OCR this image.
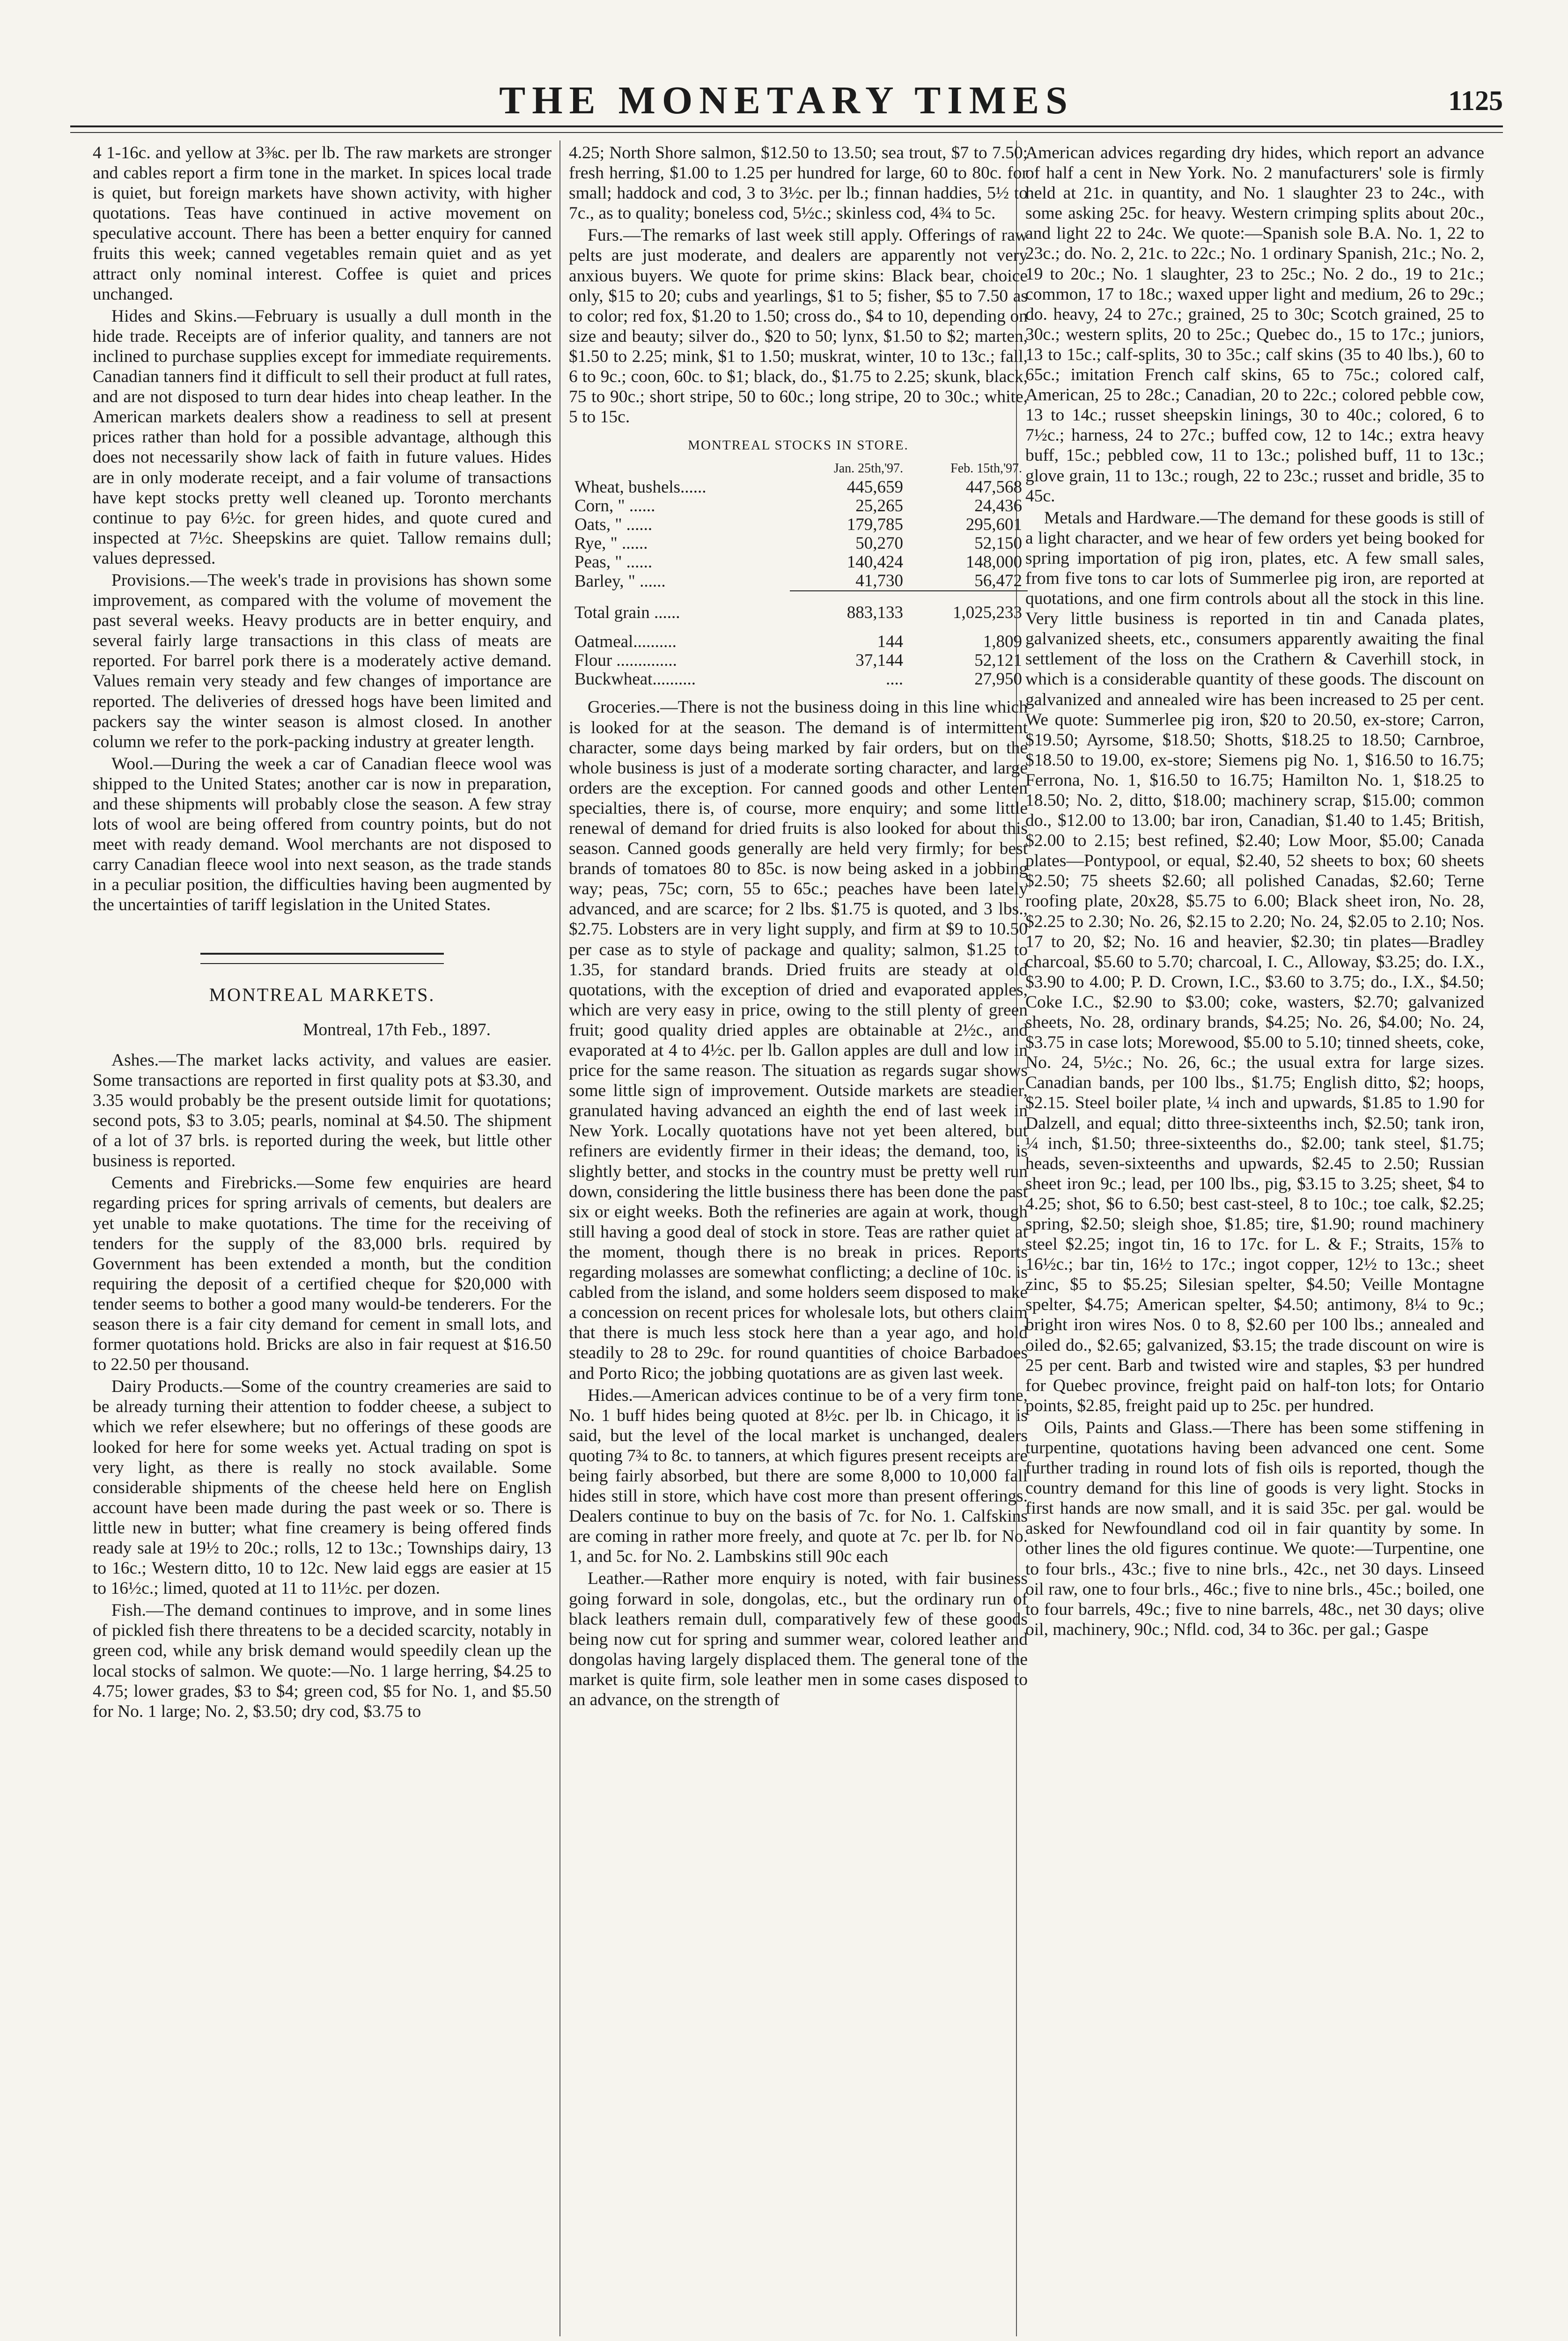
THE MONETARY TIMES	1125

4 1-16c. and yellow at 3⅜c. per lb. The raw markets are stronger and cables report a firm tone in the market. In spices local trade is quiet, but foreign markets have shown activity, with higher quotations. Teas have continued in active movement on speculative account. There has been a better enquiry for canned fruits this week; canned vegetables remain quiet and as yet attract only nominal interest. Coffee is quiet and prices unchanged.

Hides and Skins.—February is usually a dull month in the hide trade. Receipts are of inferior quality, and tanners are not inclined to purchase supplies except for immediate requirements. Canadian tanners find it difficult to sell their product at full rates, and are not disposed to turn dear hides into cheap leather. In the American markets dealers show a readiness to sell at present prices rather than hold for a possible advantage, although this does not necessarily show lack of faith in future values. Hides are in only moderate receipt, and a fair volume of transactions have kept stocks pretty well cleaned up. Toronto merchants continue to pay 6½c. for green hides, and quote cured and inspected at 7½c. Sheepskins are quiet. Tallow remains dull; values depressed.

Provisions.—The week's trade in provisions has shown some improvement, as compared with the volume of movement the past several weeks. Heavy products are in better enquiry, and several fairly large transactions in this class of meats are reported. For barrel pork there is a moderately active demand. Values remain very steady and few changes of importance are reported. The deliveries of dressed hogs have been limited and packers say the winter season is almost closed. In another column we refer to the pork-packing industry at greater length.

Wool.—During the week a car of Canadian fleece wool was shipped to the United States; another car is now in preparation, and these shipments will probably close the season. A few stray lots of wool are being offered from country points, but do not meet with ready demand. Wool merchants are not disposed to carry Canadian fleece wool into next season, as the trade stands in a peculiar position, the difficulties having been augmented by the uncertainties of tariff legislation in the United States.

MONTREAL MARKETS.
Montreal, 17th Feb., 1897.

Ashes.—The market lacks activity, and values are easier. Some transactions are reported in first quality pots at $3.30, and 3.35 would probably be the present outside limit for quotations; second pots, $3 to 3.05; pearls, nominal at $4.50. The shipment of a lot of 37 brls. is reported during the week, but little other business is reported.

Cements and Firebricks.—Some few enquiries are heard regarding prices for spring arrivals of cements, but dealers are yet unable to make quotations. The time for the receiving of tenders for the supply of the 83,000 brls. required by Government has been extended a month, but the condition requiring the deposit of a certified cheque for $20,000 with tender seems to bother a good many would-be tenderers. For the season there is a fair city demand for cement in small lots, and former quotations hold. Bricks are also in fair request at $16.50 to 22.50 per thousand.

Dairy Products.—Some of the country creameries are said to be already turning their attention to fodder cheese, a subject to which we refer elsewhere; but no offerings of these goods are looked for here for some weeks yet. Actual trading on spot is very light, as there is really no stock available. Some considerable shipments of the cheese held here on English account have been made during the past week or so. There is little new in butter; what fine creamery is being offered finds ready sale at 19½ to 20c.; rolls, 12 to 13c.; Townships dairy, 13 to 16c.; Western ditto, 10 to 12c. New laid eggs are easier at 15 to 16½c.; limed, quoted at 11 to 11½c. per dozen.

Fish.—The demand continues to improve, and in some lines of pickled fish there threatens to be a decided scarcity, notably in green cod, while any brisk demand would speedily clean up the local stocks of salmon. We quote:—No. 1 large herring, $4.25 to 4.75; lower grades, $3 to $4; green cod, $5 for No. 1, and $5.50 for No. 1 large; No. 2, $3.50; dry cod, $3.75 to

4.25; North Shore salmon, $12.50 to 13.50; sea trout, $7 to 7.50; fresh herring, $1.00 to 1.25 per hundred for large, 60 to 80c. for small; haddock and cod, 3 to 3½c. per lb.; finnan haddies, 5½ to 7c., as to quality; boneless cod, 5½c.; skinless cod, 4¾ to 5c.

Furs.—The remarks of last week still apply. Offerings of raw pelts are just moderate, and dealers are apparently not very anxious buyers. We quote for prime skins: Black bear, choice only, $15 to 20; cubs and yearlings, $1 to 5; fisher, $5 to 7.50 as to color; red fox, $1.20 to 1.50; cross do., $4 to 10, depending on size and beauty; silver do., $20 to 50; lynx, $1.50 to $2; marten, $1.50 to 2.25; mink, $1 to 1.50; muskrat, winter, 10 to 13c.; fall, 6 to 9c.; coon, 60c. to $1; black, do., $1.75 to 2.25; skunk, black, 75 to 90c.; short stripe, 50 to 60c.; long stripe, 20 to 30c.; white, 5 to 15c.

MONTREAL STOCKS IN STORE.
	Jan. 25th,'97.	Feb. 15th,'97.
Wheat, bushels......	445,659	447,568
Corn, " ......	25,265	24,436
Oats, " ......	179,785	295,601
Rye, " ......	50,270	52,150
Peas, " ......	140,424	148,000
Barley, " ......	41,730	56,472
Total grain ......	883,133	1,025,233
Oatmeal..........	144	1,809
Flour ..............	37,144	52,121
Buckwheat..........	....	27,950

Groceries.—There is not the business doing in this line which is looked for at the season. The demand is of intermittent character, some days being marked by fair orders, but on the whole business is just of a moderate sorting character, and large orders are the exception. For canned goods and other Lenten specialties, there is, of course, more enquiry; and some little renewal of demand for dried fruits is also looked for about this season. Canned goods generally are held very firmly; for best brands of tomatoes 80 to 85c. is now being asked in a jobbing way; peas, 75c; corn, 55 to 65c.; peaches have been lately advanced, and are scarce; for 2 lbs. $1.75 is quoted, and 3 lbs., $2.75. Lobsters are in very light supply, and firm at $9 to 10.50 per case as to style of package and quality; salmon, $1.25 to 1.35, for standard brands. Dried fruits are steady at old quotations, with the exception of dried and evaporated apples, which are very easy in price, owing to the still plenty of green fruit; good quality dried apples are obtainable at 2½c., and evaporated at 4 to 4½c. per lb. Gallon apples are dull and low in price for the same reason. The situation as regards sugar shows some little sign of improvement. Outside markets are steadier, granulated having advanced an eighth the end of last week in New York. Locally quotations have not yet been altered, but refiners are evidently firmer in their ideas; the demand, too, is slightly better, and stocks in the country must be pretty well run down, considering the little business there has been done the past six or eight weeks. Both the refineries are again at work, though still having a good deal of stock in store. Teas are rather quiet at the moment, though there is no break in prices. Reports regarding molasses are somewhat conflicting; a decline of 10c. is cabled from the island, and some holders seem disposed to make a concession on recent prices for wholesale lots, but others claim that there is much less stock here than a year ago, and hold steadily to 28 to 29c. for round quantities of choice Barbadoes and Porto Rico; the jobbing quotations are as given last week.

Hides.—American advices continue to be of a very firm tone, No. 1 buff hides being quoted at 8½c. per lb. in Chicago, it is said, but the level of the local market is unchanged, dealers quoting 7¾ to 8c. to tanners, at which figures present receipts are being fairly absorbed, but there are some 8,000 to 10,000 fall hides still in store, which have cost more than present offerings. Dealers continue to buy on the basis of 7c. for No. 1. Calfskins are coming in rather more freely, and quote at 7c. per lb. for No. 1, and 5c. for No. 2. Lambskins still 90c each

Leather.—Rather more enquiry is noted, with fair business going forward in sole, dongolas, etc., but the ordinary run of black leathers remain dull, comparatively few of these goods being now cut for spring and summer wear, colored leather and dongolas having largely displaced them. The general tone of the market is quite firm, sole leather men in some cases disposed to an advance, on the strength of

American advices regarding dry hides, which report an advance of half a cent in New York. No. 2 manufacturers' sole is firmly held at 21c. in quantity, and No. 1 slaughter 23 to 24c., with some asking 25c. for heavy. Western crimping splits about 20c., and light 22 to 24c. We quote:—Spanish sole B.A. No. 1, 22 to 23c.; do. No. 2, 21c. to 22c.; No. 1 ordinary Spanish, 21c.; No. 2, 19 to 20c.; No. 1 slaughter, 23 to 25c.; No. 2 do., 19 to 21c.; common, 17 to 18c.; waxed upper light and medium, 26 to 29c.; do. heavy, 24 to 27c.; grained, 25 to 30c; Scotch grained, 25 to 30c.; western splits, 20 to 25c.; Quebec do., 15 to 17c.; juniors, 13 to 15c.; calf-splits, 30 to 35c.; calf skins (35 to 40 lbs.), 60 to 65c.; imitation French calf skins, 65 to 75c.; colored calf, American, 25 to 28c.; Canadian, 20 to 22c.; colored pebble cow, 13 to 14c.; russet sheepskin linings, 30 to 40c.; colored, 6 to 7½c.; harness, 24 to 27c.; buffed cow, 12 to 14c.; extra heavy buff, 15c.; pebbled cow, 11 to 13c.; polished buff, 11 to 13c.; glove grain, 11 to 13c.; rough, 22 to 23c.; russet and bridle, 35 to 45c.

Metals and Hardware.—The demand for these goods is still of a light character, and we hear of few orders yet being booked for spring importation of pig iron, plates, etc. A few small sales, from five tons to car lots of Summerlee pig iron, are reported at quotations, and one firm controls about all the stock in this line. Very little business is reported in tin and Canada plates, galvanized sheets, etc., consumers apparently awaiting the final settlement of the loss on the Crathern & Caverhill stock, in which is a considerable quantity of these goods. The discount on galvanized and annealed wire has been increased to 25 per cent. We quote: Summerlee pig iron, $20 to 20.50, ex-store; Carron, $19.50; Ayrsome, $18.50; Shotts, $18.25 to 18.50; Carnbroe, $18.50 to 19.00, ex-store; Siemens pig No. 1, $16.50 to 16.75; Ferrona, No. 1, $16.50 to 16.75; Hamilton No. 1, $18.25 to 18.50; No. 2, ditto, $18.00; machinery scrap, $15.00; common do., $12.00 to 13.00; bar iron, Canadian, $1.40 to 1.45; British, $2.00 to 2.15; best refined, $2.40; Low Moor, $5.00; Canada plates—Pontypool, or equal, $2.40, 52 sheets to box; 60 sheets $2.50; 75 sheets $2.60; all polished Canadas, $2.60; Terne roofing plate, 20x28, $5.75 to 6.00; Black sheet iron, No. 28, $2.25 to 2.30; No. 26, $2.15 to 2.20; No. 24, $2.05 to 2.10; Nos. 17 to 20, $2; No. 16 and heavier, $2.30; tin plates—Bradley charcoal, $5.60 to 5.70; charcoal, I. C., Alloway, $3.25; do. I.X., $3.90 to 4.00; P. D. Crown, I.C., $3.60 to 3.75; do., I.X., $4.50; Coke I.C., $2.90 to $3.00; coke, wasters, $2.70; galvanized sheets, No. 28, ordinary brands, $4.25; No. 26, $4.00; No. 24, $3.75 in case lots; Morewood, $5.00 to 5.10; tinned sheets, coke, No. 24, 5½c.; No. 26, 6c.; the usual extra for large sizes. Canadian bands, per 100 lbs., $1.75; English ditto, $2; hoops, $2.15. Steel boiler plate, ¼ inch and upwards, $1.85 to 1.90 for Dalzell, and equal; ditto three-sixteenths inch, $2.50; tank iron, ¼ inch, $1.50; three-sixteenths do., $2.00; tank steel, $1.75; heads, seven-sixteenths and upwards, $2.45 to 2.50; Russian sheet iron 9c.; lead, per 100 lbs., pig, $3.15 to 3.25; sheet, $4 to 4.25; shot, $6 to 6.50; best cast-steel, 8 to 10c.; toe calk, $2.25; spring, $2.50; sleigh shoe, $1.85; tire, $1.90; round machinery steel $2.25; ingot tin, 16 to 17c. for L. & F.; Straits, 15⅞ to 16½c.; bar tin, 16½ to 17c.; ingot copper, 12½ to 13c.; sheet zinc, $5 to $5.25; Silesian spelter, $4.50; Veille Montagne spelter, $4.75; American spelter, $4.50; antimony, 8¼ to 9c.; bright iron wires Nos. 0 to 8, $2.60 per 100 lbs.; annealed and oiled do., $2.65; galvanized, $3.15; the trade discount on wire is 25 per cent. Barb and twisted wire and staples, $3 per hundred for Quebec province, freight paid on half-ton lots; for Ontario points, $2.85, freight paid up to 25c. per hundred.

Oils, Paints and Glass.—There has been some stiffening in turpentine, quotations having been advanced one cent. Some further trading in round lots of fish oils is reported, though the country demand for this line of goods is very light. Stocks in first hands are now small, and it is said 35c. per gal. would be asked for Newfoundland cod oil in fair quantity by some. In other lines the old figures continue. We quote:—Turpentine, one to four brls., 43c.; five to nine brls., 42c., net 30 days. Linseed oil raw, one to four brls., 46c.; five to nine brls., 45c.; boiled, one to four barrels, 49c.; five to nine barrels, 48c., net 30 days; olive oil, machinery, 90c.; Nfld. cod, 34 to 36c. per gal.; Gaspe
